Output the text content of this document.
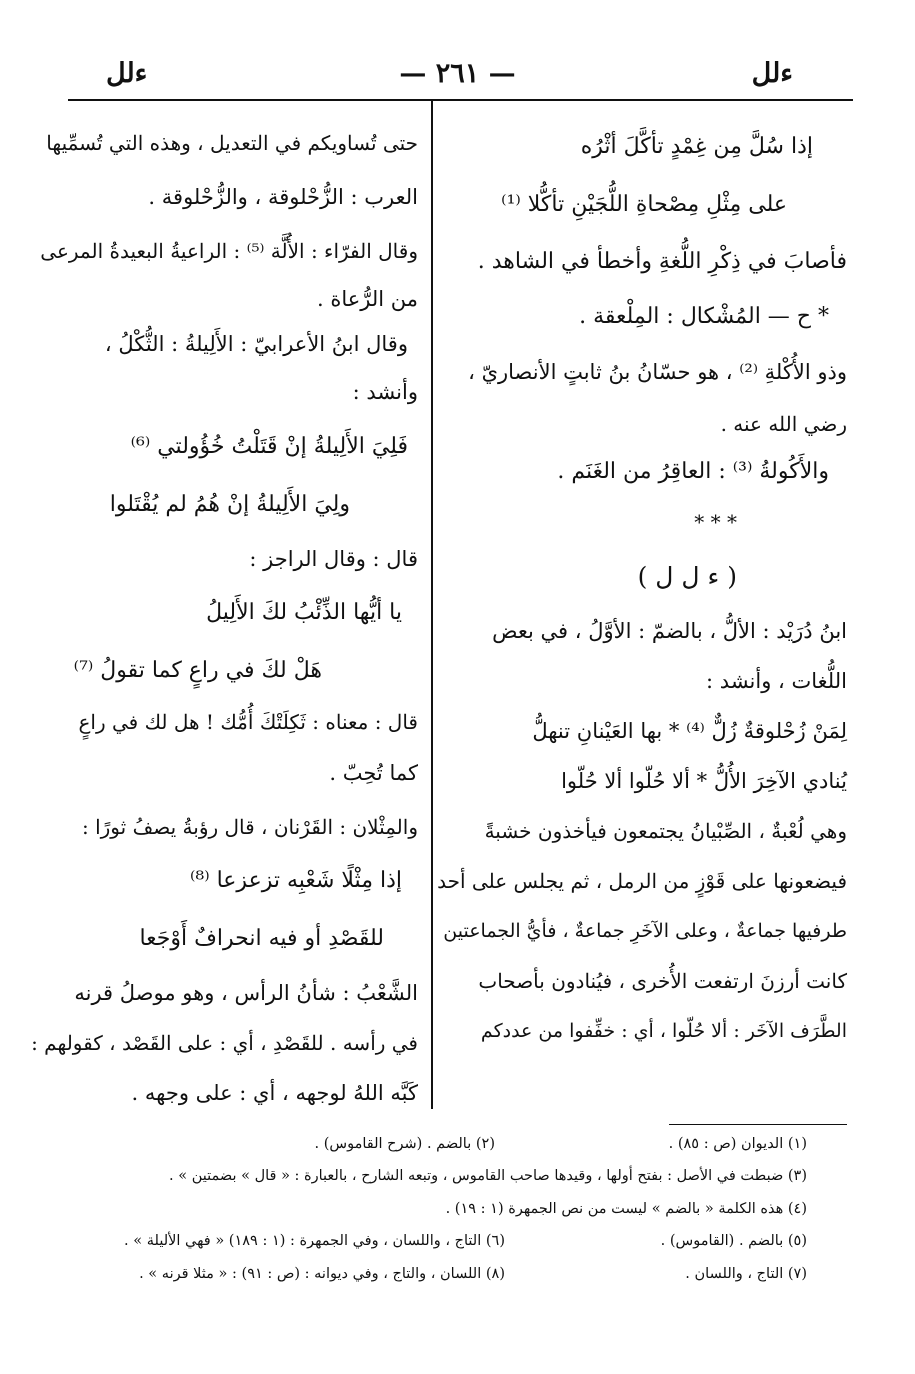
ءلل
— ٢٦١ —
ءلل

إذا سُلَّ مِن غِمْدٍ تأكَّلَ أثْرُه

على مِثْلِ مِصْحاةِ اللُّجَيْنِ تأكُّلا ⁽¹⁾

فأصابَ في ذِكْرِ اللُّغةِ وأخطأ في الشاهد .

* ح — المُشْكال : المِلْعقة .

وذو الأُكْلةِ ⁽²⁾ ، هو حسّانُ بنُ ثابتٍ الأنصاريّ ،

رضي الله عنه .

والأَكُولةُ ⁽³⁾ : العاقِرُ من الغَنَم .

* * *

( ء ل ل )

ابنُ دُرَيْد : الألُّ ، بالضمّ : الأوَّلُ ، في بعض

اللُّغات ، وأنشد :

لِمَنْ زُحْلوقةٌ زُلٌّ ⁽⁴⁾ * بها العَيْنانِ تنهلُّ

يُنادي الآخِرَ الأُلُّ * ألا حُلّوا ألا حُلّوا

وهي لُعْبةٌ ، الصِّبْيانُ يجتمعون فيأخذون خشبةً

فيضعونها على قَوْزٍ من الرمل ، ثم يجلس على أحد

طرفيها جماعةٌ ، وعلى الآخَرِ جماعةٌ ، فأيُّ الجماعتين

كانت أرزنَ ارتفعت الأُخرى ، فيُنادون بأصحاب

الطَّرَف الآخَر : ألا حُلّوا ، أي : خفِّفوا من عددكم

حتى تُساويكم في التعديل ، وهذه التي تُسمِّيها

العرب : الزُّحْلوقة ، والزُّحْلوقة .

وقال الفرّاء : الأُلَّة ⁽⁵⁾ : الراعيةُ البعيدةُ المرعى

من الرُّعاة .

وقال ابنُ الأعرابيّ : الأَلِيلةُ : الثُّكْلُ ،

وأنشد :

فَلِيَ الأَلِيلةُ إنْ قَتَلْتُ خُؤُولتي ⁽⁶⁾

ولِيَ الأَلِيلةُ إنْ هُمُ لم يُقْتَلوا

قال : وقال الراجز :

يا أيُّها الذِّئْبُ لكَ الأَلِيلُ

هَلْ لكَ في راعٍ كما تقولُ ⁽⁷⁾

قال : معناه : ثَكِلَتْكَ أُمُّك ! هل لك في راعٍ

كما تُحِبّ .

والمِثْلان : القَرْنان ، قال رؤبةُ يصفُ ثورًا :

إذا مِثْلًا شَعْبِه تزعزعا ⁽⁸⁾

للقَصْدِ أو فيه انحرافٌ أَوْجَعا

الشَّعْبُ : شأنُ الرأس ، وهو موصلُ قرنه

في رأسه . للقَصْدِ ، أي : على القَصْد ، كقولهم :

كَبَّه اللهُ لوجهه ، أي : على وجهه .

(١) الديوان (ص : ٨٥) .
(٢) بالضم . (شرح القاموس) .
(٣) ضبطت في الأصل : بفتح أولها ، وقيدها صاحب القاموس ، وتبعه الشارح ، بالعبارة : « قال » بضمتين » .
(٤) هذه الكلمة « بالضم » ليست من نص الجمهرة (١ : ١٩) .
(٥) بالضم . (القاموس) .
(٦) التاج ، واللسان ، وفي الجمهرة : (١ : ١٨٩) « فهي الأليلة » .
(٧) التاج ، واللسان .
(٨) اللسان ، والتاج ، وفي ديوانه : (ص : ٩١) : « مثلا قرنه » .
